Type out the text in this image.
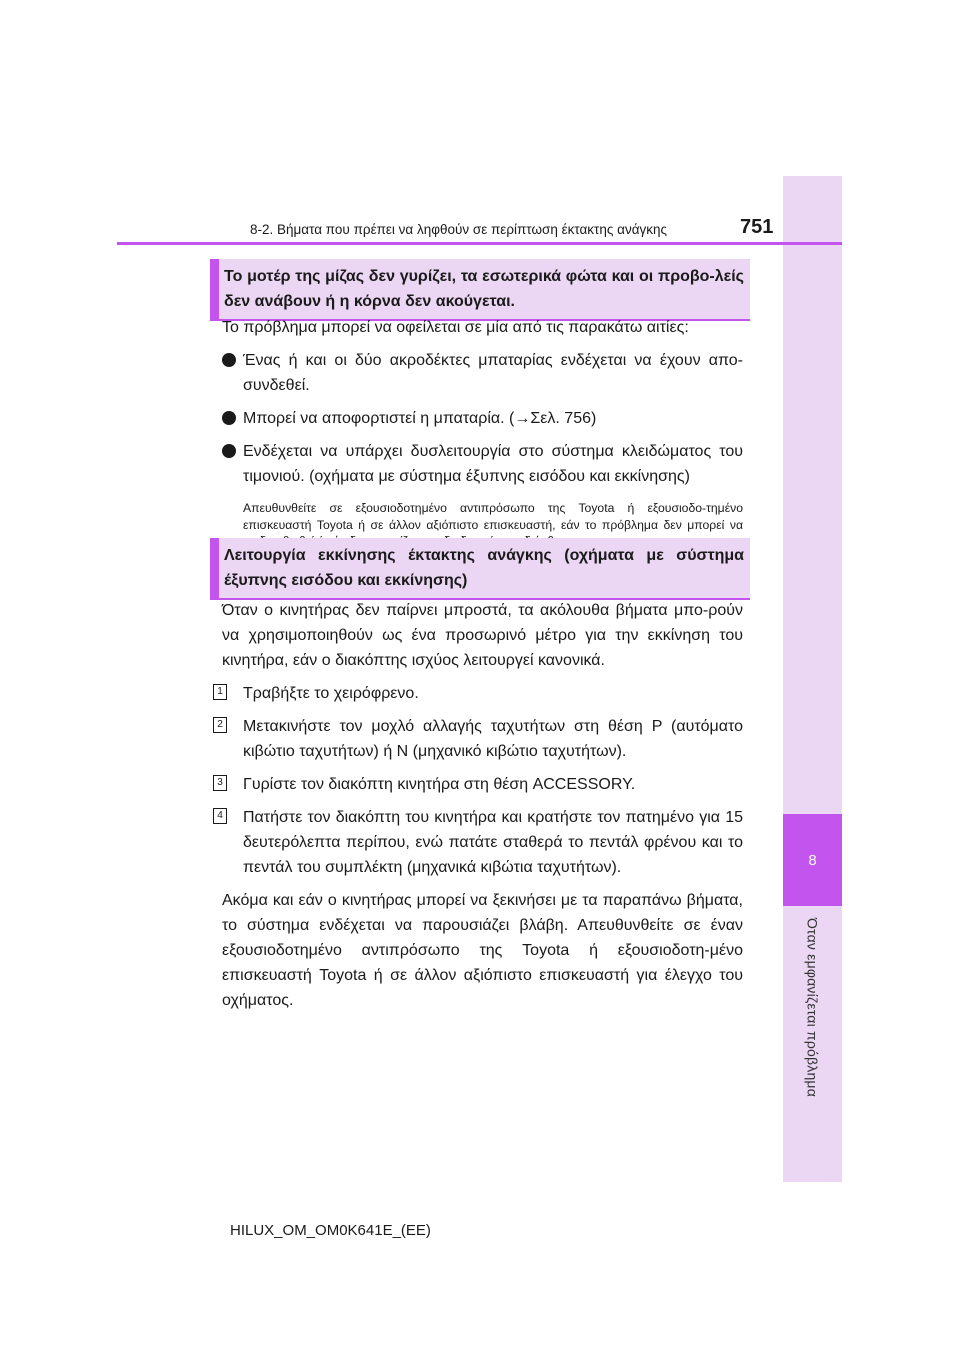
8
Όταν εμφανίζεται πρόβλημα
8-2. Βήματα που πρέπει να ληφθούν σε περίπτωση έκτακτης ανάγκης	751
Το μοτέρ της μίζας δεν γυρίζει, τα εσωτερικά φώτα και οι προβο-λείς δεν ανάβουν ή η κόρνα δεν ακούγεται.

Το πρόβλημα μπορεί να οφείλεται σε μία από τις παρακάτω αιτίες:

Ένας ή και οι δύο ακροδέκτες μπαταρίας ενδέχεται να έχουν απο-συνδεθεί.
Μπορεί να αποφορτιστεί η μπαταρία. (→Σελ. 756)
Ενδέχεται να υπάρχει δυσλειτουργία στο σύστημα κλειδώματος του τιμονιού. (οχήματα με σύστημα έξυπνης εισόδου και εκκίνησης)
Απευθυνθείτε σε εξουσιοδοτημένο αντιπρόσωπο της Toyota ή εξουσιοδο-τημένο επισκευαστή Toyota ή σε άλλον αξιόπιστο επισκευαστή, εάν το πρόβλημα δεν μπορεί να
Λειτουργία εκκίνησης έκτακτης ανάγκης (οχήματα με σύστημα έξυπνης εισόδου και εκκίνησης)

Όταν ο κινητήρας δεν παίρνει μπροστά, τα ακόλουθα βήματα μπο-ρούν να χρησιμοποιηθούν ως ένα προσωρινό μέτρο για την εκκίνηση του κινητήρα, εάν ο διακόπτης ισχύος λειτουργεί κανονικά.

1 Τραβήξτε το χειρόφρενο.
2 Μετακινήστε τον μοχλό αλλαγής ταχυτήτων στη θέση P (αυτόματο κιβώτιο ταχυτήτων) ή N (μηχανικό κιβώτιο ταχυτήτων).
3 Γυρίστε τον διακόπτη κινητήρα στη θέση ACCESSORY.
4 Πατήστε τον διακόπτη του κινητήρα και κρατήστε τον πατημένο για 15 δευτερόλεπτα περίπου, ενώ πατάτε σταθερά το πεντάλ φρένου και το πεντάλ του συμπλέκτη (μηχανικά κιβώτια ταχυτήτων).

Ακόμα και εάν ο κινητήρας μπορεί να ξεκινήσει με τα παραπάνω βήματα, το σύστημα ενδέχεται να παρουσιάζει βλάβη. Απευθυνθείτε σε έναν εξουσιοδοτημένο αντιπρόσωπο της Toyota ή εξουσιοδοτη-μένο επισκευαστή Toyota ή σε άλλον αξιόπιστο επισκευαστή για έλεγχο του οχήματος.

HILUX_OM_OM0K641E_(EE)
